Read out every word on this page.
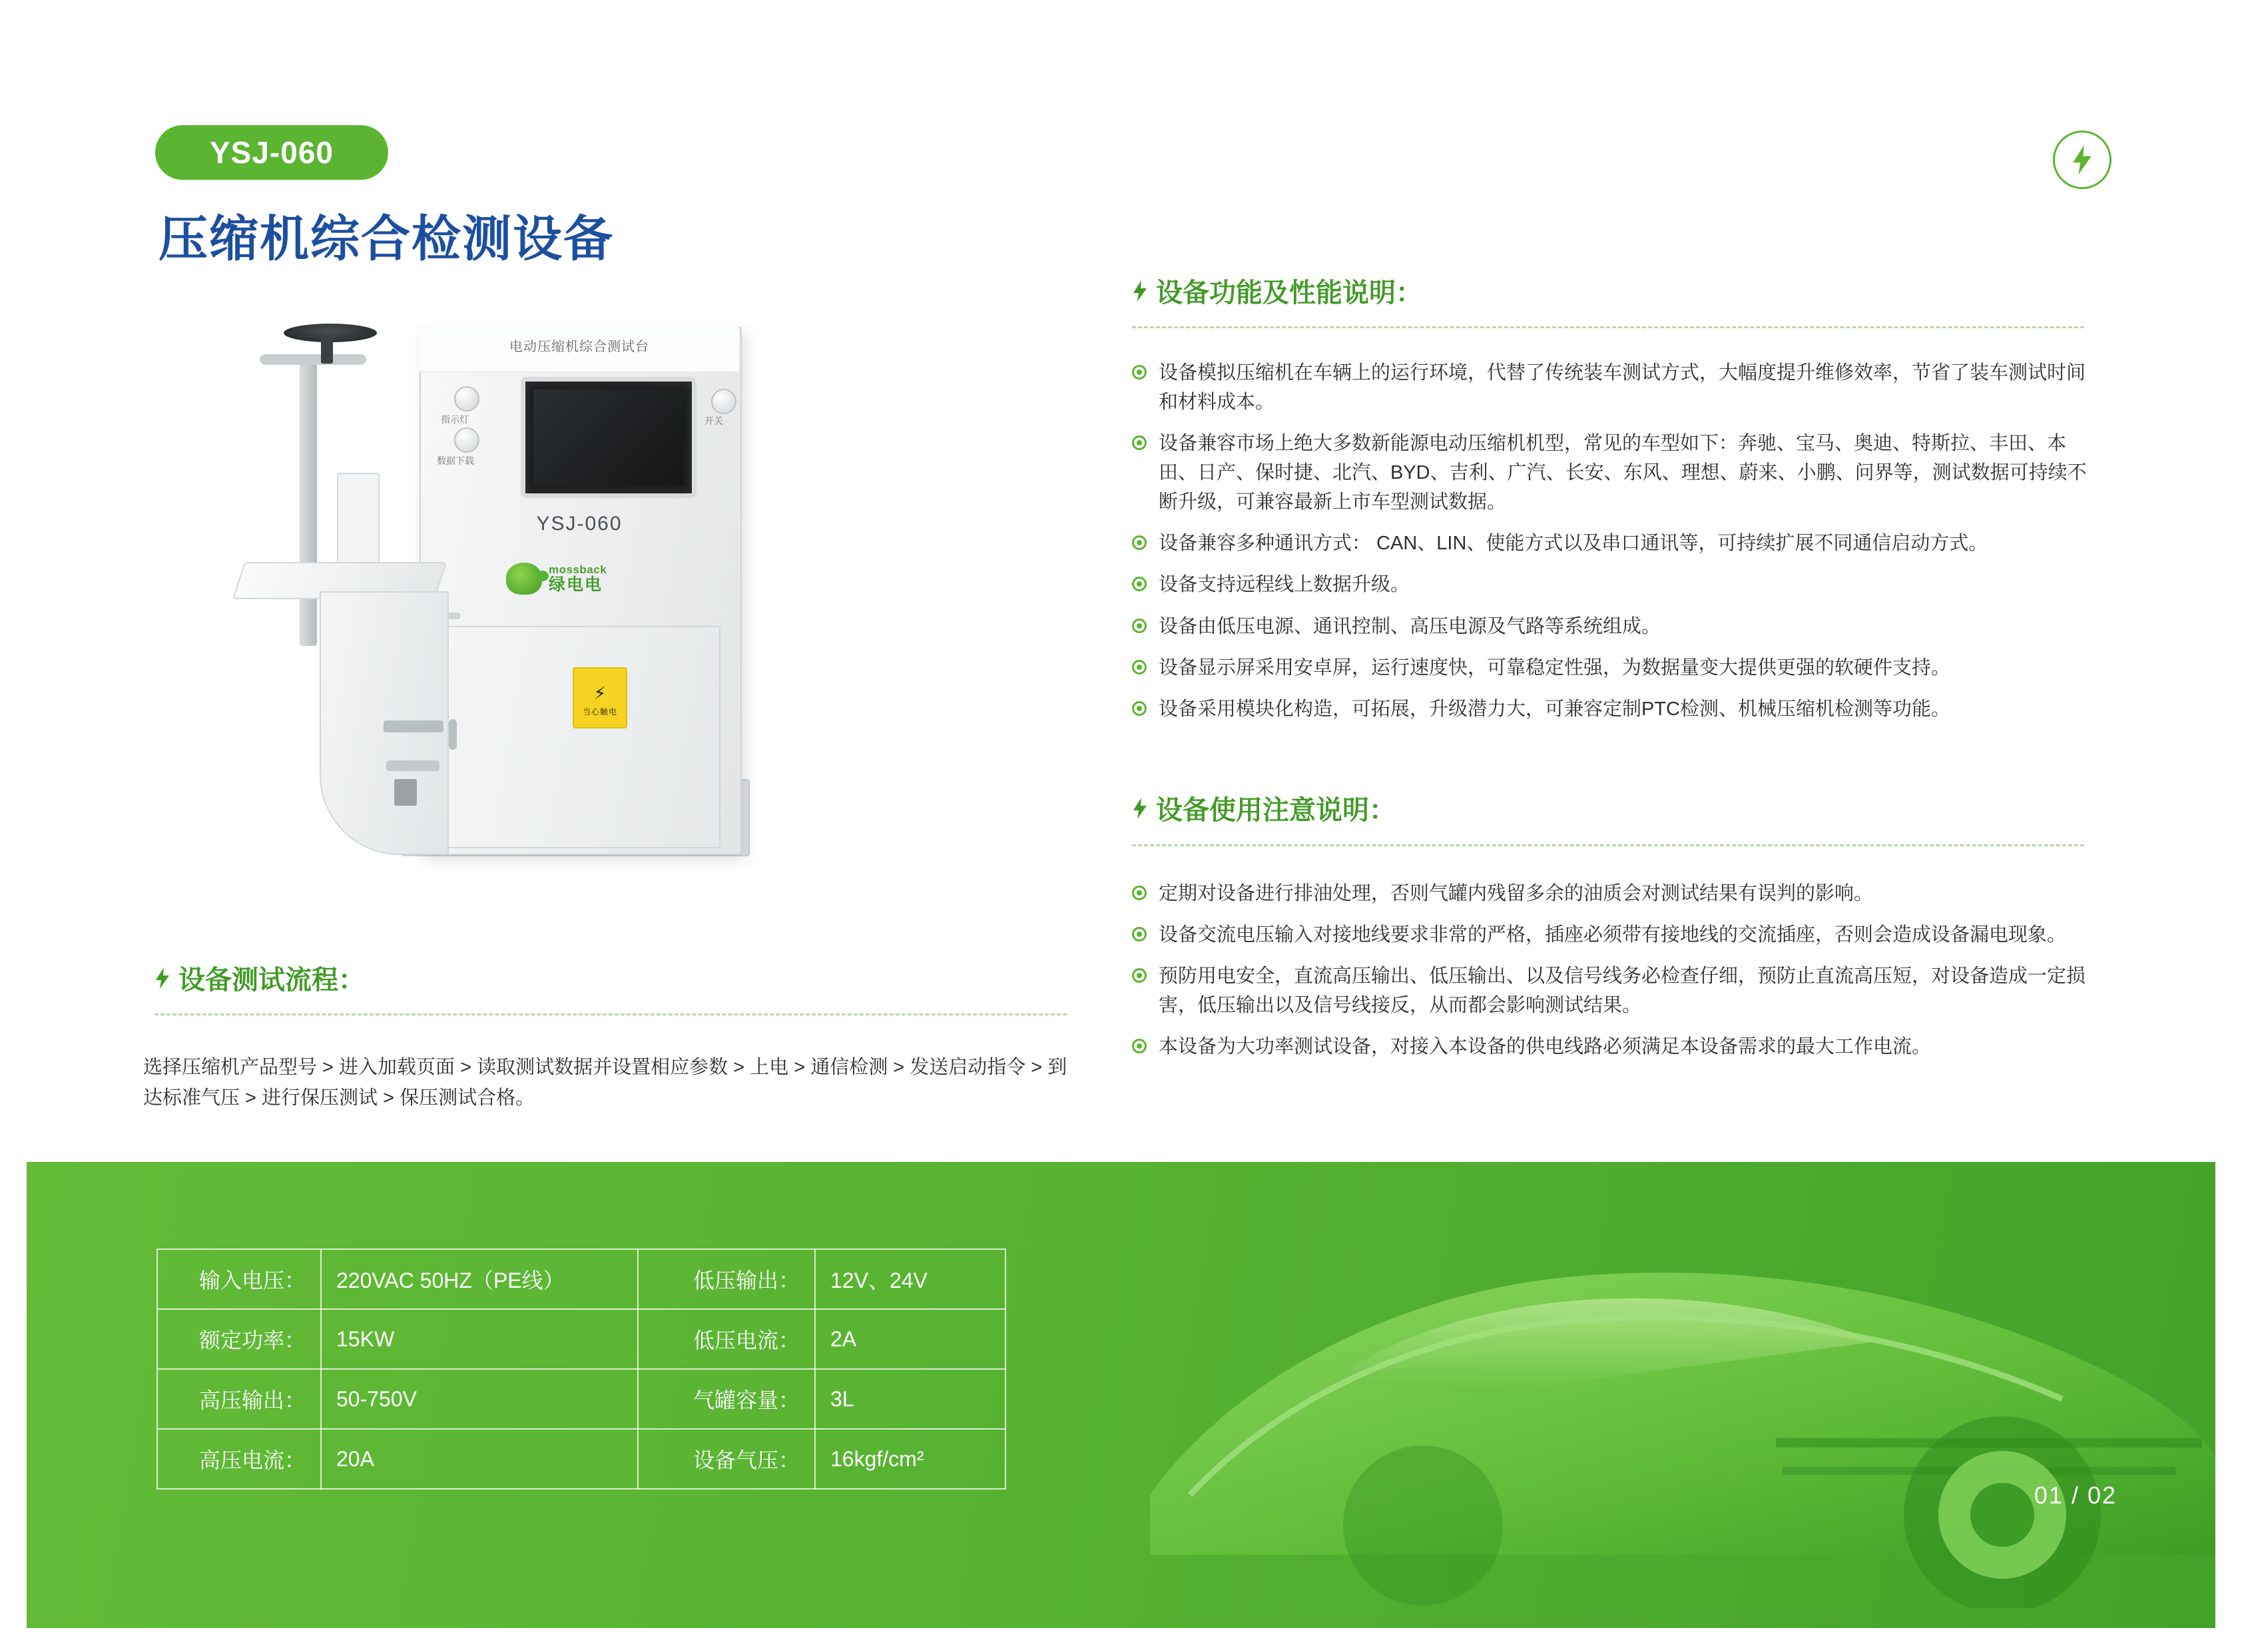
YSJ-060
压缩机综合检测设备
电动压缩机综合测试台
指示灯
数据下载
开关
YSJ-060
mossback
绿电电
⚡
当心触电
设备测试流程：
选择压缩机产品型号 > 进入加载页面 > 读取测试数据并设置相应参数 > 上电 > 通信检测 > 发送启动指令 > 到达标准气压 > 进行保压测试 > 保压测试合格。
设备功能及性能说明：
设备模拟压缩机在车辆上的运行环境，代替了传统装车测试方式，大幅度提升维修效率，节省了装车测试时间和材料成本。
设备兼容市场上绝大多数新能源电动压缩机机型，常见的车型如下：奔驰、宝马、奥迪、特斯拉、丰田、本田、日产、保时捷、北汽、BYD、吉利、广汽、长安、东风、理想、蔚来、小鹏、问界等，测试数据可持续不断升级，可兼容最新上市车型测试数据。
设备兼容多种通讯方式： CAN、LIN、使能方式以及串口通讯等，可持续扩展不同通信启动方式。
设备支持远程线上数据升级。
设备由低压电源、通讯控制、高压电源及气路等系统组成。
设备显示屏采用安卓屏，运行速度快，可靠稳定性强，为数据量变大提供更强的软硬件支持。
设备采用模块化构造，可拓展，升级潜力大，可兼容定制PTC检测、机械压缩机检测等功能。
设备使用注意说明：
定期对设备进行排油处理，否则气罐内残留多余的油质会对测试结果有误判的影响。
设备交流电压输入对接地线要求非常的严格，插座必须带有接地线的交流插座，否则会造成设备漏电现象。
预防用电安全，直流高压输出、低压输出、以及信号线务必检查仔细，预防止直流高压短，对设备造成一定损害，低压输出以及信号线接反，从而都会影响测试结果。
本设备为大功率测试设备，对接入本设备的供电线路必须满足本设备需求的最大工作电流。
输入电压：	220VAC 50HZ（PE线）	低压输出：	12V、24V
额定功率：	15KW	低压电流：	2A
高压输出：	50-750V	气罐容量：	3L
高压电流：	20A	设备气压：	16kgf/cm²
01 / 02
